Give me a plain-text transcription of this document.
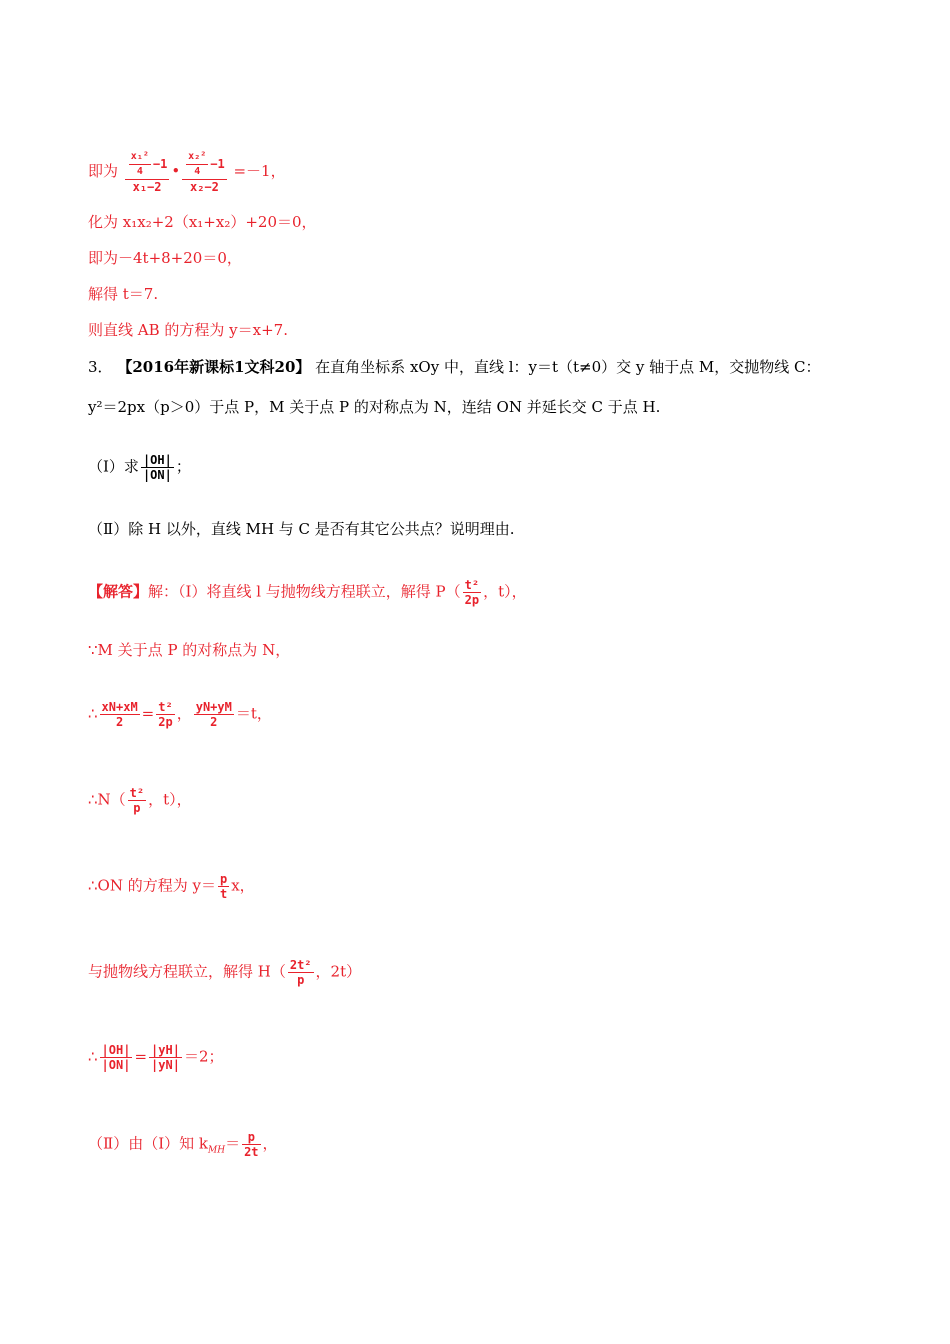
即为 $\frac{\frac{\text{x₁²}}{4} -1}{\text{x₁−2}}$ • $\frac{\frac{\text{x₂²}}{4} -1}{\text{x₂−2}} =-1$，
化为 x₁x₂+2（x₁+x₂）+20＝0，
即为－4t+8+20＝0，
解得 t＝7.
则直线 AB 的方程为 y＝x+7.
3． 【2016年新课标1文科20】 在直角坐标系 xOy 中，直线 l：y＝t（t≠0）交 y 轴于点 M，交抛物线 C：
y²＝2px（p＞0）于点 P，M 关于点 P 的对称点为 N，连结 ON 并延长交 C 于点 H.
（Ⅰ）求 $\frac{|OH|}{|ON|}$ ；
（Ⅱ）除 H 以外，直线 MH 与 C 是否有其它公共点？说明理由.
【解答】解：（Ⅰ）将直线 l 与抛物线方程联立，解得 $P( \frac{\text{t²}}{2p}$ ，t），
∵M 关于点 P 的对称点为 N，
∴ $\frac{xN+xM}{2} = \frac{\text{t²}}{2p}$ ， $\frac{yN+yM}{2} =t$，
∴N（ $\frac{\text{t²}}{p}$ ，t），
∴ON 的方程为 $y= \frac{p}{t}$ x，
与抛物线方程联立，解得 $H( \frac{\text{2t²}}{p}$ ，2t）
∴ $\frac{|OH|}{|ON|} = \frac{|yH|}{|yN|} =2$；
（Ⅱ）由（Ⅰ）知 $k_{MH}= \frac{p}{2t}$ ，
